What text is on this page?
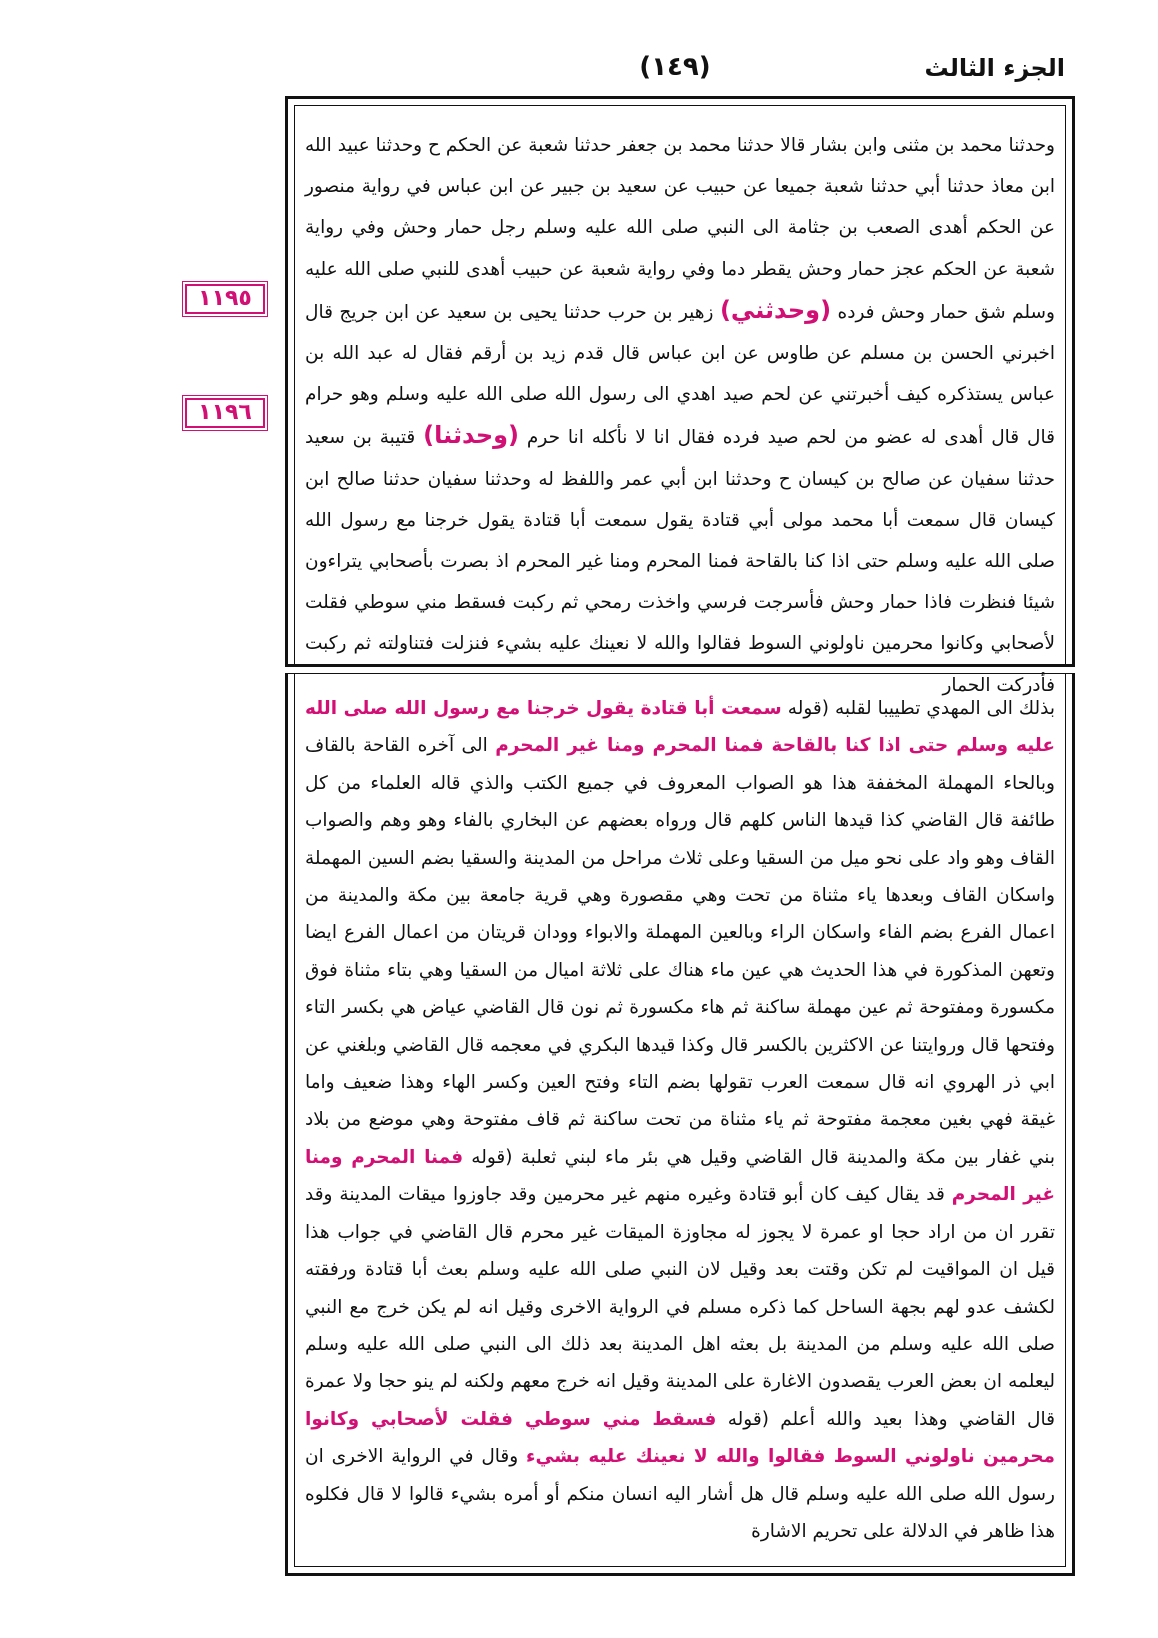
الجزء الثالث
(١٤٩)
١١٩٥
١١٩٦

وحدثنا محمد بن مثنى وابن بشار قالا حدثنا محمد بن جعفر حدثنا شعبة عن الحكم ح وحدثنا عبيد الله ابن معاذ حدثنا أبي حدثنا شعبة جميعا عن حبيب عن سعيد بن جبير عن ابن عباس في رواية منصور عن الحكم أهدى الصعب بن جثامة الى النبي صلى الله عليه وسلم رجل حمار وحش وفي رواية شعبة عن الحكم عجز حمار وحش يقطر دما وفي رواية شعبة عن حبيب أهدى للنبي صلى الله عليه وسلم شق حمار وحش فرده (وحدثني) زهير بن حرب حدثنا يحيى بن سعيد عن ابن جريج قال اخبرني الحسن بن مسلم عن طاوس عن ابن عباس قال قدم زيد بن أرقم فقال له عبد الله بن عباس يستذكره كيف أخبرتني عن لحم صيد اهدي الى رسول الله صلى الله عليه وسلم وهو حرام قال قال أهدى له عضو من لحم صيد فرده فقال انا لا نأكله انا حرم (وحدثنا) قتيبة بن سعيد حدثنا سفيان عن صالح بن كيسان ح وحدثنا ابن أبي عمر واللفظ له وحدثنا سفيان حدثنا صالح ابن كيسان قال سمعت أبا محمد مولى أبي قتادة يقول سمعت أبا قتادة يقول خرجنا مع رسول الله صلى الله عليه وسلم حتى اذا كنا بالقاحة فمنا المحرم ومنا غير المحرم اذ بصرت بأصحابي يتراءون شيئا فنظرت فاذا حمار وحش فأسرجت فرسي واخذت رمحي ثم ركبت فسقط مني سوطي فقلت لأصحابي وكانوا محرمين ناولوني السوط فقالوا والله لا نعينك عليه بشيء فنزلت فتناولته ثم ركبت فأدركت الحمار

بذلك الى المهدي تطييبا لقلبه (قوله سمعت أبا قتادة يقول خرجنا مع رسول الله صلى الله عليه وسلم حتى اذا كنا بالقاحة فمنا المحرم ومنا غير المحرم الى آخره القاحة بالقاف وبالحاء المهملة المخففة هذا هو الصواب المعروف في جميع الكتب والذي قاله العلماء من كل طائفة قال القاضي كذا قيدها الناس كلهم قال ورواه بعضهم عن البخاري بالفاء وهو وهم والصواب القاف وهو واد على نحو ميل من السقيا وعلى ثلاث مراحل من المدينة والسقيا بضم السين المهملة واسكان القاف وبعدها ياء مثناة من تحت وهي مقصورة وهي قرية جامعة بين مكة والمدينة من اعمال الفرع بضم الفاء واسكان الراء وبالعين المهملة والابواء وودان قريتان من اعمال الفرع ايضا وتعهن المذكورة في هذا الحديث هي عين ماء هناك على ثلاثة اميال من السقيا وهي بتاء مثناة فوق مكسورة ومفتوحة ثم عين مهملة ساكنة ثم هاء مكسورة ثم نون قال القاضي عياض هي بكسر التاء وفتحها قال وروايتنا عن الاكثرين بالكسر قال وكذا قيدها البكري في معجمه قال القاضي وبلغني عن ابي ذر الهروي انه قال سمعت العرب تقولها بضم التاء وفتح العين وكسر الهاء وهذا ضعيف واما غيقة فهي بغين معجمة مفتوحة ثم ياء مثناة من تحت ساكنة ثم قاف مفتوحة وهي موضع من بلاد بني غفار بين مكة والمدينة قال القاضي وقيل هي بئر ماء لبني ثعلبة (قوله فمنا المحرم ومنا غير المحرم قد يقال كيف كان أبو قتادة وغيره منهم غير محرمين وقد جاوزوا ميقات المدينة وقد تقرر ان من اراد حجا او عمرة لا يجوز له مجاوزة الميقات غير محرم قال القاضي في جواب هذا قيل ان المواقيت لم تكن وقتت بعد وقيل لان النبي صلى الله عليه وسلم بعث أبا قتادة ورفقته لكشف عدو لهم بجهة الساحل كما ذكره مسلم في الرواية الاخرى وقيل انه لم يكن خرج مع النبي صلى الله عليه وسلم من المدينة بل بعثه اهل المدينة بعد ذلك الى النبي صلى الله عليه وسلم ليعلمه ان بعض العرب يقصدون الاغارة على المدينة وقيل انه خرج معهم ولكنه لم ينو حجا ولا عمرة قال القاضي وهذا بعيد والله أعلم (قوله فسقط مني سوطي فقلت لأصحابي وكانوا محرمين ناولوني السوط فقالوا والله لا نعينك عليه بشيء وقال في الرواية الاخرى ان رسول الله صلى الله عليه وسلم قال هل أشار اليه انسان منكم أو أمره بشيء قالوا لا قال فكلوه هذا ظاهر في الدلالة على تحريم الاشارة
